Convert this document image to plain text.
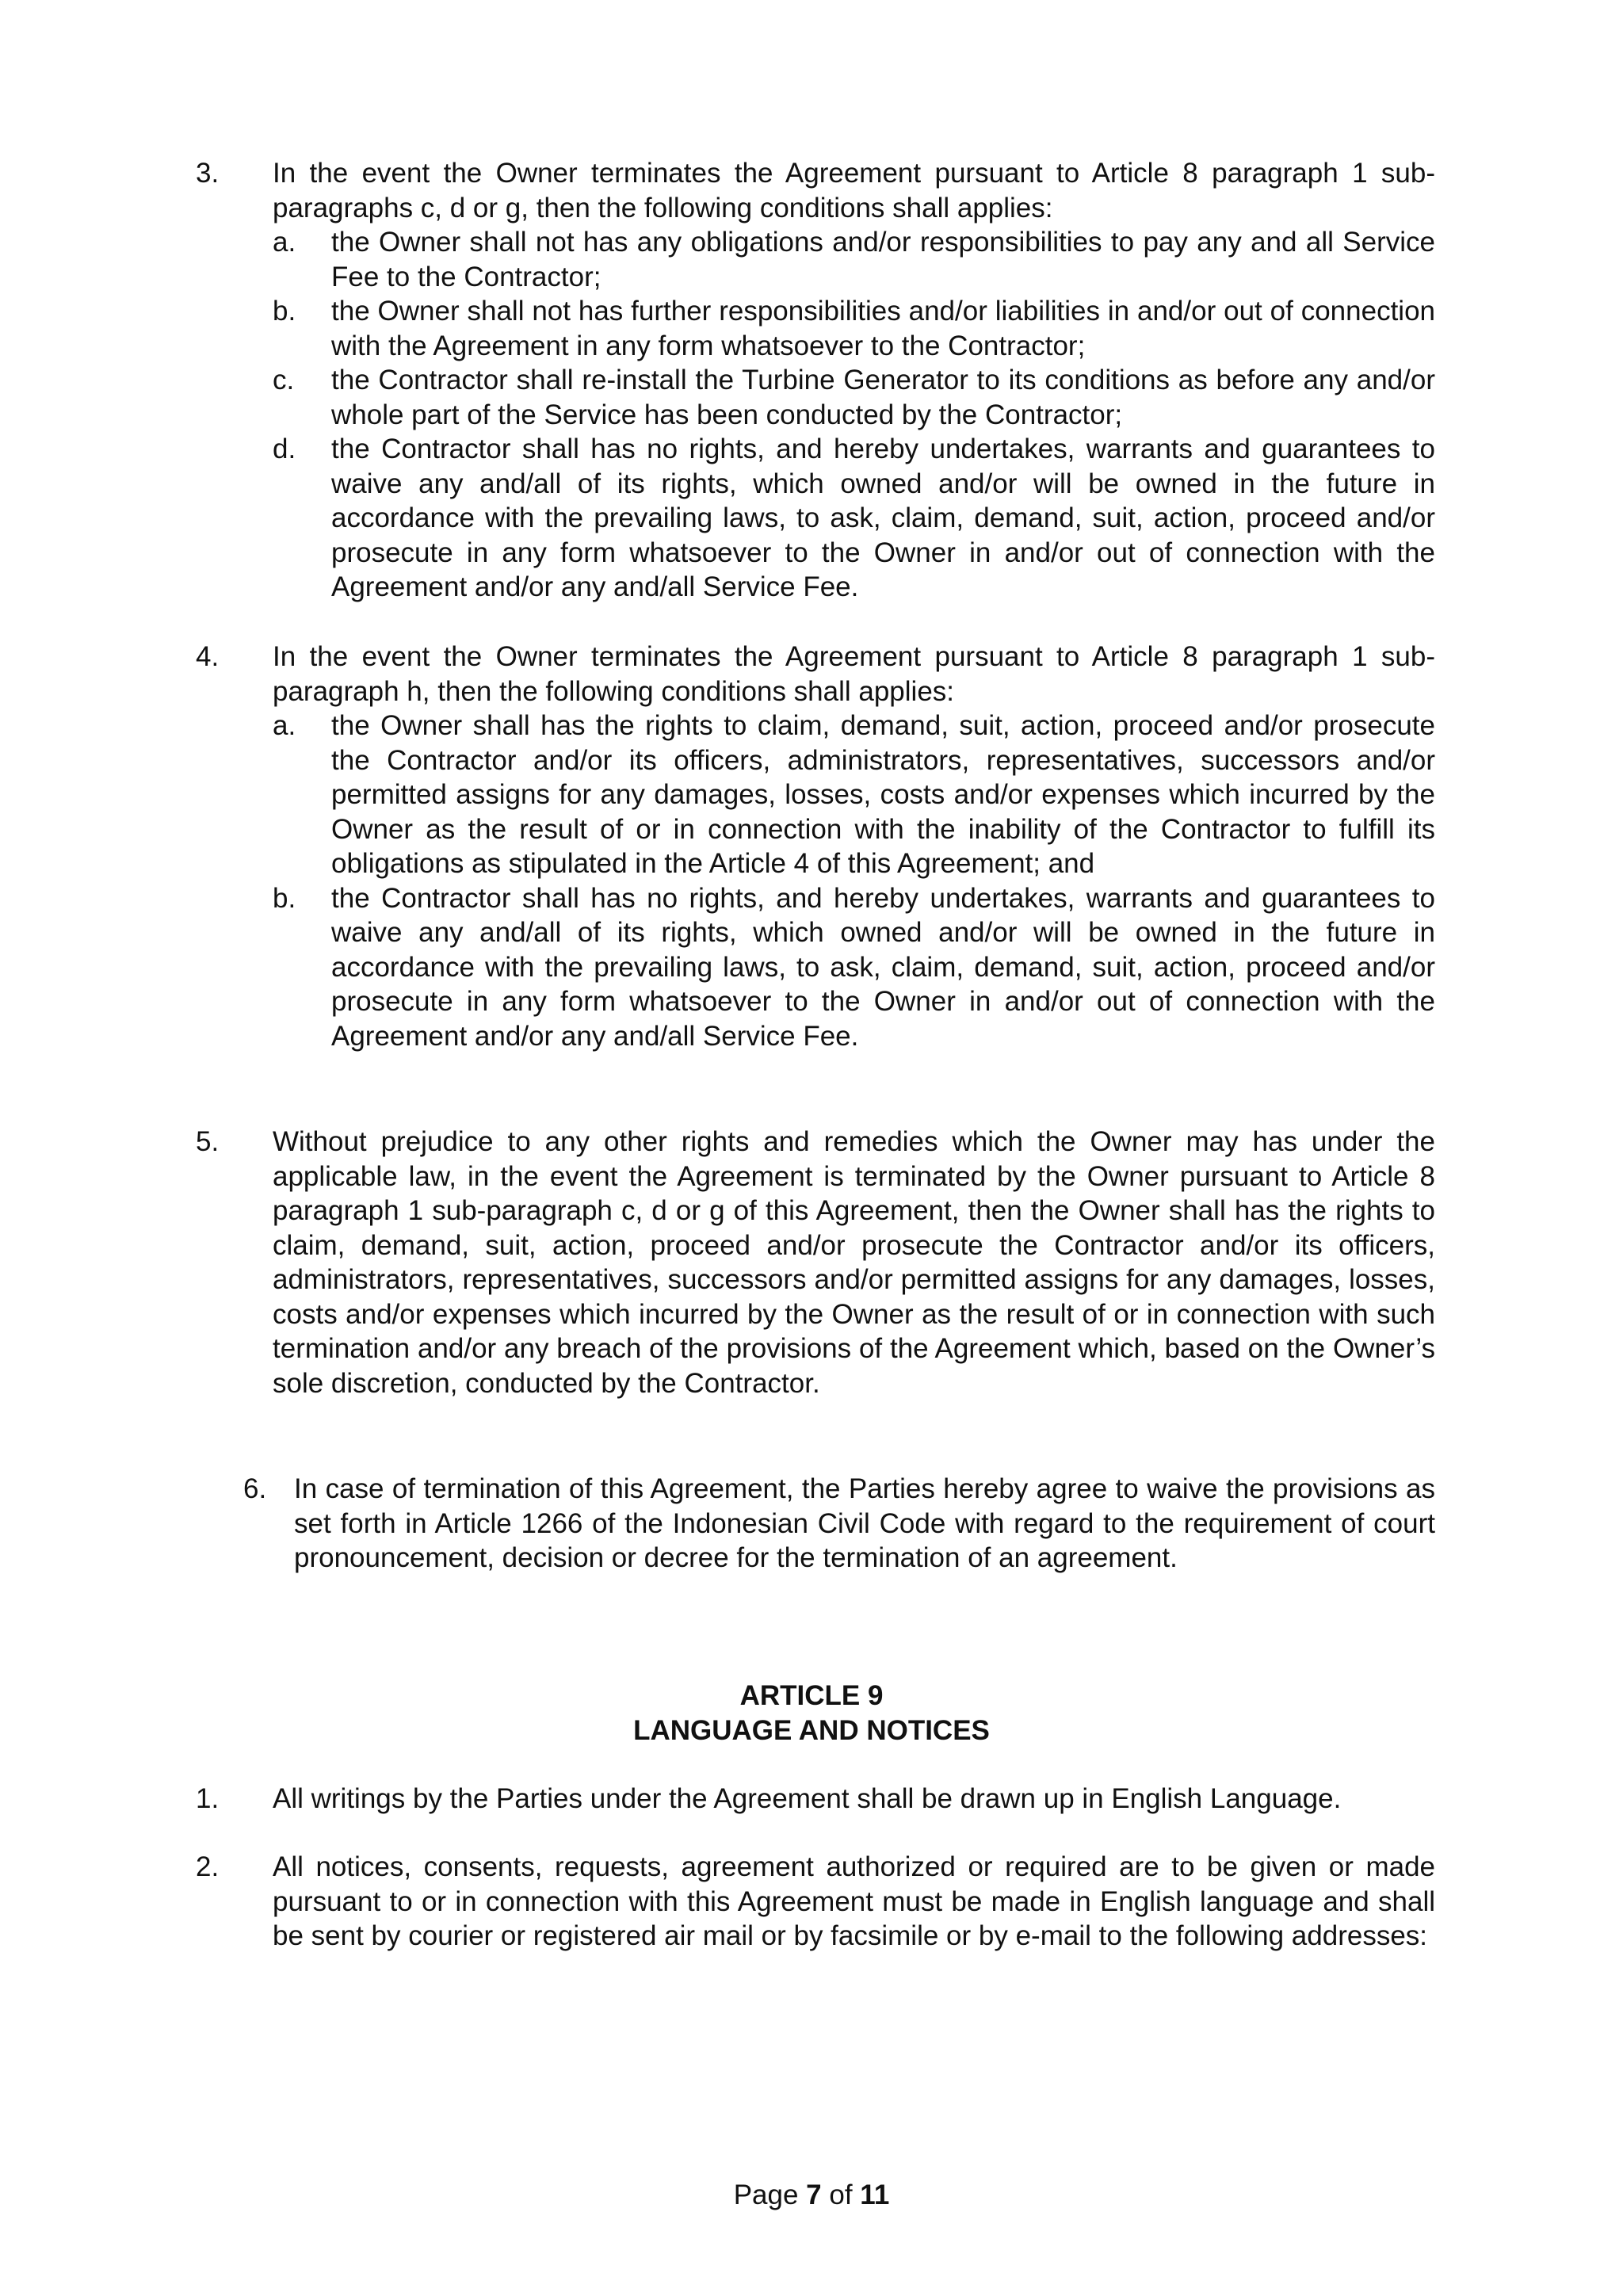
3. In the event the Owner terminates the Agreement pursuant to Article 8 paragraph 1 sub-paragraphs c, d or g, then the following conditions shall applies:
a. the Owner shall not has any obligations and/or responsibilities to pay any and all Service Fee to the Contractor;
b. the Owner shall not has further responsibilities and/or liabilities in and/or out of connection with the Agreement in any form whatsoever to the Contractor;
c. the Contractor shall re-install the Turbine Generator to its conditions as before any and/or whole part of the Service has been conducted by the Contractor;
d. the Contractor shall has no rights, and hereby undertakes, warrants and guarantees to waive any and/all of its rights, which owned and/or will be owned in the future in accordance with the prevailing laws, to ask, claim, demand, suit, action, proceed and/or prosecute in any form whatsoever to the Owner in and/or out of connection with the Agreement and/or any and/all Service Fee.
4. In the event the Owner terminates the Agreement pursuant to Article 8 paragraph 1 sub-paragraph h, then the following conditions shall applies:
a. the Owner shall has the rights to claim, demand, suit, action, proceed and/or prosecute the Contractor and/or its officers, administrators, representatives, successors and/or permitted assigns for any damages, losses, costs and/or expenses which incurred by the Owner as the result of or in connection with the inability of the Contractor to fulfill its obligations as stipulated in the Article 4 of this Agreement; and
b. the Contractor shall has no rights, and hereby undertakes, warrants and guarantees to waive any and/all of its rights, which owned and/or will be owned in the future in accordance with the prevailing laws, to ask, claim, demand, suit, action, proceed and/or prosecute in any form whatsoever to the Owner in and/or out of connection with the Agreement and/or any and/all Service Fee.
5. Without prejudice to any other rights and remedies which the Owner may has under the applicable law, in the event the Agreement is terminated by the Owner pursuant to Article 8 paragraph 1 sub-paragraph c, d or g of this Agreement, then the Owner shall has the rights to claim, demand, suit, action, proceed and/or prosecute the Contractor and/or its officers, administrators, representatives, successors and/or permitted assigns for any damages, losses, costs and/or expenses which incurred by the Owner as the result of or in connection with such termination and/or any breach of the provisions of the Agreement which, based on the Owner’s sole discretion, conducted by the Contractor.
6. In case of termination of this Agreement, the Parties hereby agree to waive the provisions as set forth in Article 1266 of the Indonesian Civil Code with regard to the requirement of court pronouncement, decision or decree for the termination of an agreement.
ARTICLE 9
LANGUAGE AND NOTICES
1. All writings by the Parties under the Agreement shall be drawn up in English Language.
2. All notices, consents, requests, agreement authorized or required are to be given or made pursuant to or in connection with this Agreement must be made in English language and shall be sent by courier or registered air mail or by facsimile or by e-mail to the following addresses:
Page 7 of 11
